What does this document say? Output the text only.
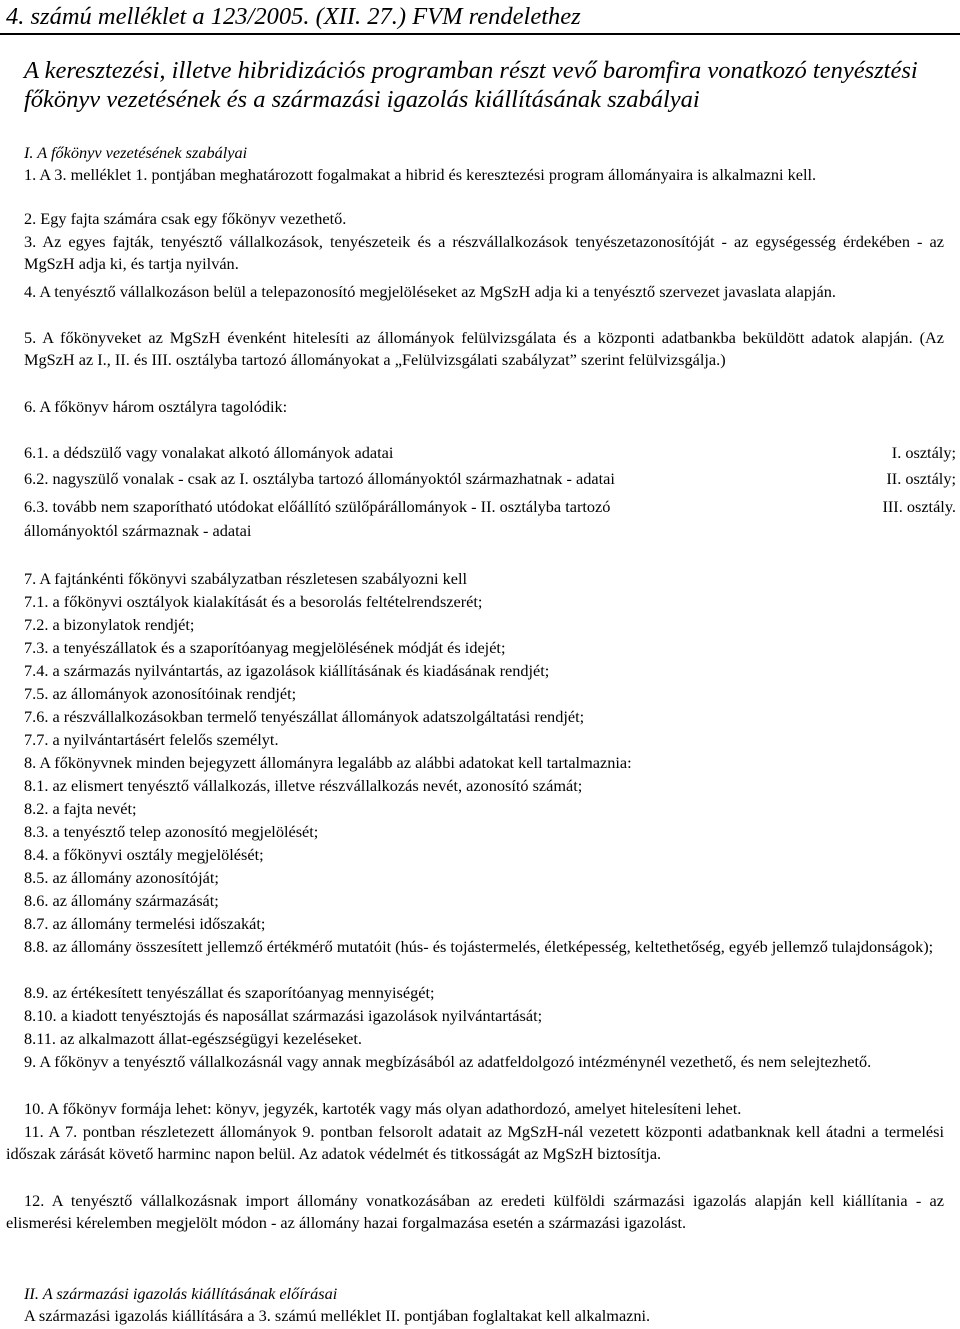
4. számú melléklet a 123/2005. (XII. 27.) FVM rendelethez
A keresztezési, illetve hibridizációs programban részt vevő baromfira vonatkozó tenyésztési főkönyv vezetésének és a származási igazolás kiállításának szabályai
I. A főkönyv vezetésének szabályai
1. A 3. melléklet 1. pontjában meghatározott fogalmakat a hibrid és keresztezési program állományaira is alkalmazni kell.
2. Egy fajta számára csak egy főkönyv vezethető.
3. Az egyes fajták, tenyésztő vállalkozások, tenyészeteik és a részvállalkozások tenyészetazonosítóját - az egységesség érdekében - az MgSzH adja ki, és tartja nyilván.
4. A tenyésztő vállalkozáson belül a telepazonosító megjelöléseket az MgSzH adja ki a tenyésztő szervezet javaslata alapján.
5. A főkönyveket az MgSzH évenként hitelesíti az állományok felülvizsgálata és a központi adatbankba beküldött adatok alapján. (Az MgSzH az I., II. és III. osztályba tartozó állományokat a „Felülvizsgálati szabályzat” szerint felülvizsgálja.)
6. A főkönyv három osztályra tagolódik:
6.1. a dédszülő vagy vonalakat alkotó állományok adatai	I. osztály;
6.2. nagyszülő vonalak - csak az I. osztályba tartozó állományoktól származhatnak - adatai	II. osztály;
6.3. tovább nem szaporítható utódokat előállító szülőpárállományok - II. osztályba tartozó
állományoktól származnak - adatai
III. osztály.
7. A fajtánkénti főkönyvi szabályzatban részletesen szabályozni kell
7.1. a főkönyvi osztályok kialakítását és a besorolás feltételrendszerét;
7.2. a bizonylatok rendjét;
7.3. a tenyészállatok és a szaporítóanyag megjelölésének módját és idejét;
7.4. a származás nyilvántartás, az igazolások kiállításának és kiadásának rendjét;
7.5. az állományok azonosítóinak rendjét;
7.6. a részvállalkozásokban termelő tenyészállat állományok adatszolgáltatási rendjét;
7.7. a nyilvántartásért felelős személyt.
8. A főkönyvnek minden bejegyzett állományra legalább az alábbi adatokat kell tartalmaznia:
8.1. az elismert tenyésztő vállalkozás, illetve részvállalkozás nevét, azonosító számát;
8.2. a fajta nevét;
8.3. a tenyésztő telep azonosító megjelölését;
8.4. a főkönyvi osztály megjelölését;
8.5. az állomány azonosítóját;
8.6. az állomány származását;
8.7. az állomány termelési időszakát;
8.8. az állomány összesített jellemző értékmérő mutatóit (hús- és tojástermelés, életképesség, keltethetőség, egyéb jellemző tulajdonságok);
8.9. az értékesített tenyészállat és szaporítóanyag mennyiségét;
8.10. a kiadott tenyésztojás és naposállat származási igazolások nyilvántartását;
8.11. az alkalmazott állat-egészségügyi kezeléseket.
9. A főkönyv a tenyésztő vállalkozásnál vagy annak megbízásából az adatfeldolgozó intézménynél vezethető, és nem selejtezhető.
10. A főkönyv formája lehet: könyv, jegyzék, kartoték vagy más olyan adathordozó, amelyet hitelesíteni lehet.
11. A 7. pontban részletezett állományok 9. pontban felsorolt adatait az MgSzH-nál vezetett központi adatbanknak kell átadni a termelési időszak zárását követő harminc napon belül. Az adatok védelmét és titkosságát az MgSzH biztosítja.
12. A tenyésztő vállalkozásnak import állomány vonatkozásában az eredeti külföldi származási igazolás alapján kell kiállítania - az elismerési kérelemben megjelölt módon - az állomány hazai forgalmazása esetén a származási igazolást.
II. A származási igazolás kiállításának előírásai
A származási igazolás kiállítására a 3. számú melléklet II. pontjában foglaltakat kell alkalmazni.
